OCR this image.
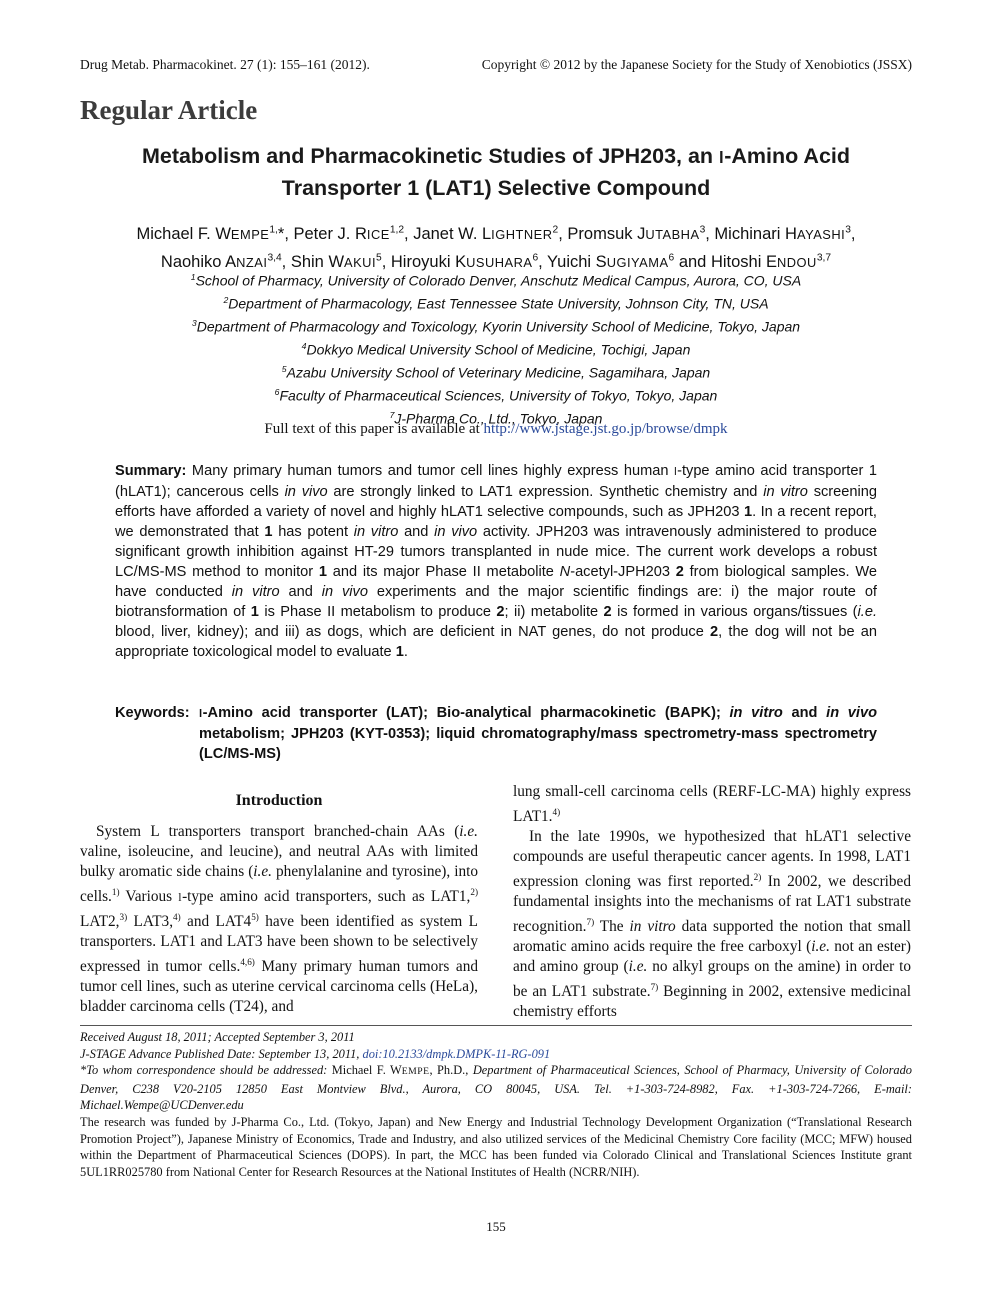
Drug Metab. Pharmacokinet. 27 (1): 155–161 (2012).	Copyright © 2012 by the Japanese Society for the Study of Xenobiotics (JSSX)
Regular Article
Metabolism and Pharmacokinetic Studies of JPH203, an l-Amino Acid
Transporter 1 (LAT1) Selective Compound
Michael F. $WEMPE^{1,}*$, Peter J. RICE$^{1,2}$, Janet W. LIGHTNER$^2$, Promsuk JUTABHA$^3$, Michinari HAYASHI$^3$,
Naohiko ANZAI$^{3,4}$, Shin WAKUI$^5$, Hiroyuki KUSUHARA$^6$, Yuichi SUGIYAMA$^6$ and Hitoshi ENDOU$^{3,7}$
$^1$School of Pharmacy, University of Colorado Denver, Anschutz Medical Campus, Aurora, CO, USA
$^2$Department of Pharmacology, East Tennessee State University, Johnson City, TN, USA
$^3$Department of Pharmacology and Toxicology, Kyorin University School of Medicine, Tokyo, Japan
$^4$Dokkyo Medical University School of Medicine, Tochigi, Japan
$^5$Azabu University School of Veterinary Medicine, Sagamihara, Japan
$^6$Faculty of Pharmaceutical Sciences, University of Tokyo, Tokyo, Japan
$^7$J-Pharma Co., Ltd., Tokyo, Japan
Full text of this paper is available at http://www.jstage.jst.go.jp/browse/dmpk
Summary: Many primary human tumors and tumor cell lines highly express human l-type amino acid transporter 1 (hLAT1); cancerous cells in vivo are strongly linked to LAT1 expression. Synthetic chemistry and in vitro screening efforts have afforded a variety of novel and highly hLAT1 selective compounds, such as JPH203 1. In a recent report, we demonstrated that 1 has potent in vitro and in vivo activity. JPH203 was intravenously administered to produce significant growth inhibition against HT-29 tumors transplanted in nude mice. The current work develops a robust LC/MS-MS method to monitor 1 and its major Phase II metabolite N-acetyl-JPH203 2 from biological samples. We have conducted in vitro and in vivo experiments and the major scientific findings are: i) the major route of biotransformation of 1 is Phase II metabolism to produce 2; ii) metabolite 2 is formed in various organs/tissues (i.e. blood, liver, kidney); and iii) as dogs, which are deficient in NAT genes, do not produce 2, the dog will not be an appropriate toxicological model to evaluate 1.
Keywords: l-Amino acid transporter (LAT); Bio-analytical pharmacokinetic (BAPK); in vitro and in vivo metabolism; JPH203 (KYT-0353); liquid chromatography/mass spectrometry-mass spectrometry (LC/MS-MS)
Introduction

System L transporters transport branched-chain AAs (i.e. valine, isoleucine, and leucine), and neutral AAs with limited bulky aromatic side chains (i.e. phenylalanine and tyrosine), into cells.$^{1)}$ Various l-type amino acid transporters, such as LAT1,$^{2)}$ LAT2,$^{3)}$ LAT3,$^{4)}$ and LAT4$^{5)}$ have been identified as system L transporters. LAT1 and LAT3 have been shown to be selectively expressed in tumor cells.$^{4,6)}$ Many primary human tumors and tumor cell lines, such as uterine cervical carcinoma cells (HeLa), bladder carcinoma cells (T24), and

lung small-cell carcinoma cells (RERF-LC-MA) highly express LAT1.$^{4)}$

In the late 1990s, we hypothesized that hLAT1 selective compounds are useful therapeutic cancer agents. In 1998, LAT1 expression cloning was first reported.$^{2)}$ In 2002, we described fundamental insights into the mechanisms of rat LAT1 substrate recognition.$^{7)}$ The in vitro data supported the notion that small aromatic amino acids require the free carboxyl (i.e. not an ester) and amino group (i.e. no alkyl groups on the amine) in order to be an LAT1 substrate.$^{7)}$ Beginning in 2002, extensive medicinal chemistry efforts

Received August 18, 2011; Accepted September 3, 2011

J-STAGE Advance Published Date: September 13, 2011, doi:10.2133/dmpk.DMPK-11-RG-091

*To whom correspondence should be addressed: Michael F. WEMPE, Ph.D., Department of Pharmaceutical Sciences, School of Pharmacy, University of Colorado Denver, C238 V20-2105 12850 East Montview Blvd., Aurora, CO 80045, USA. Tel. +1-303-724-8982, Fax. +1-303-724-7266, E-mail: Michael.Wempe@UCDenver.edu

The research was funded by J-Pharma Co., Ltd. (Tokyo, Japan) and New Energy and Industrial Technology Development Organization (“Translational Research Promotion Project”), Japanese Ministry of Economics, Trade and Industry, and also utilized services of the Medicinal Chemistry Core facility (MCC; MFW) housed within the Department of Pharmaceutical Sciences (DOPS). In part, the MCC has been funded via Colorado Clinical and Translational Sciences Institute grant 5UL1RR025780 from National Center for Research Resources at the National Institutes of Health (NCRR/NIH).

155
